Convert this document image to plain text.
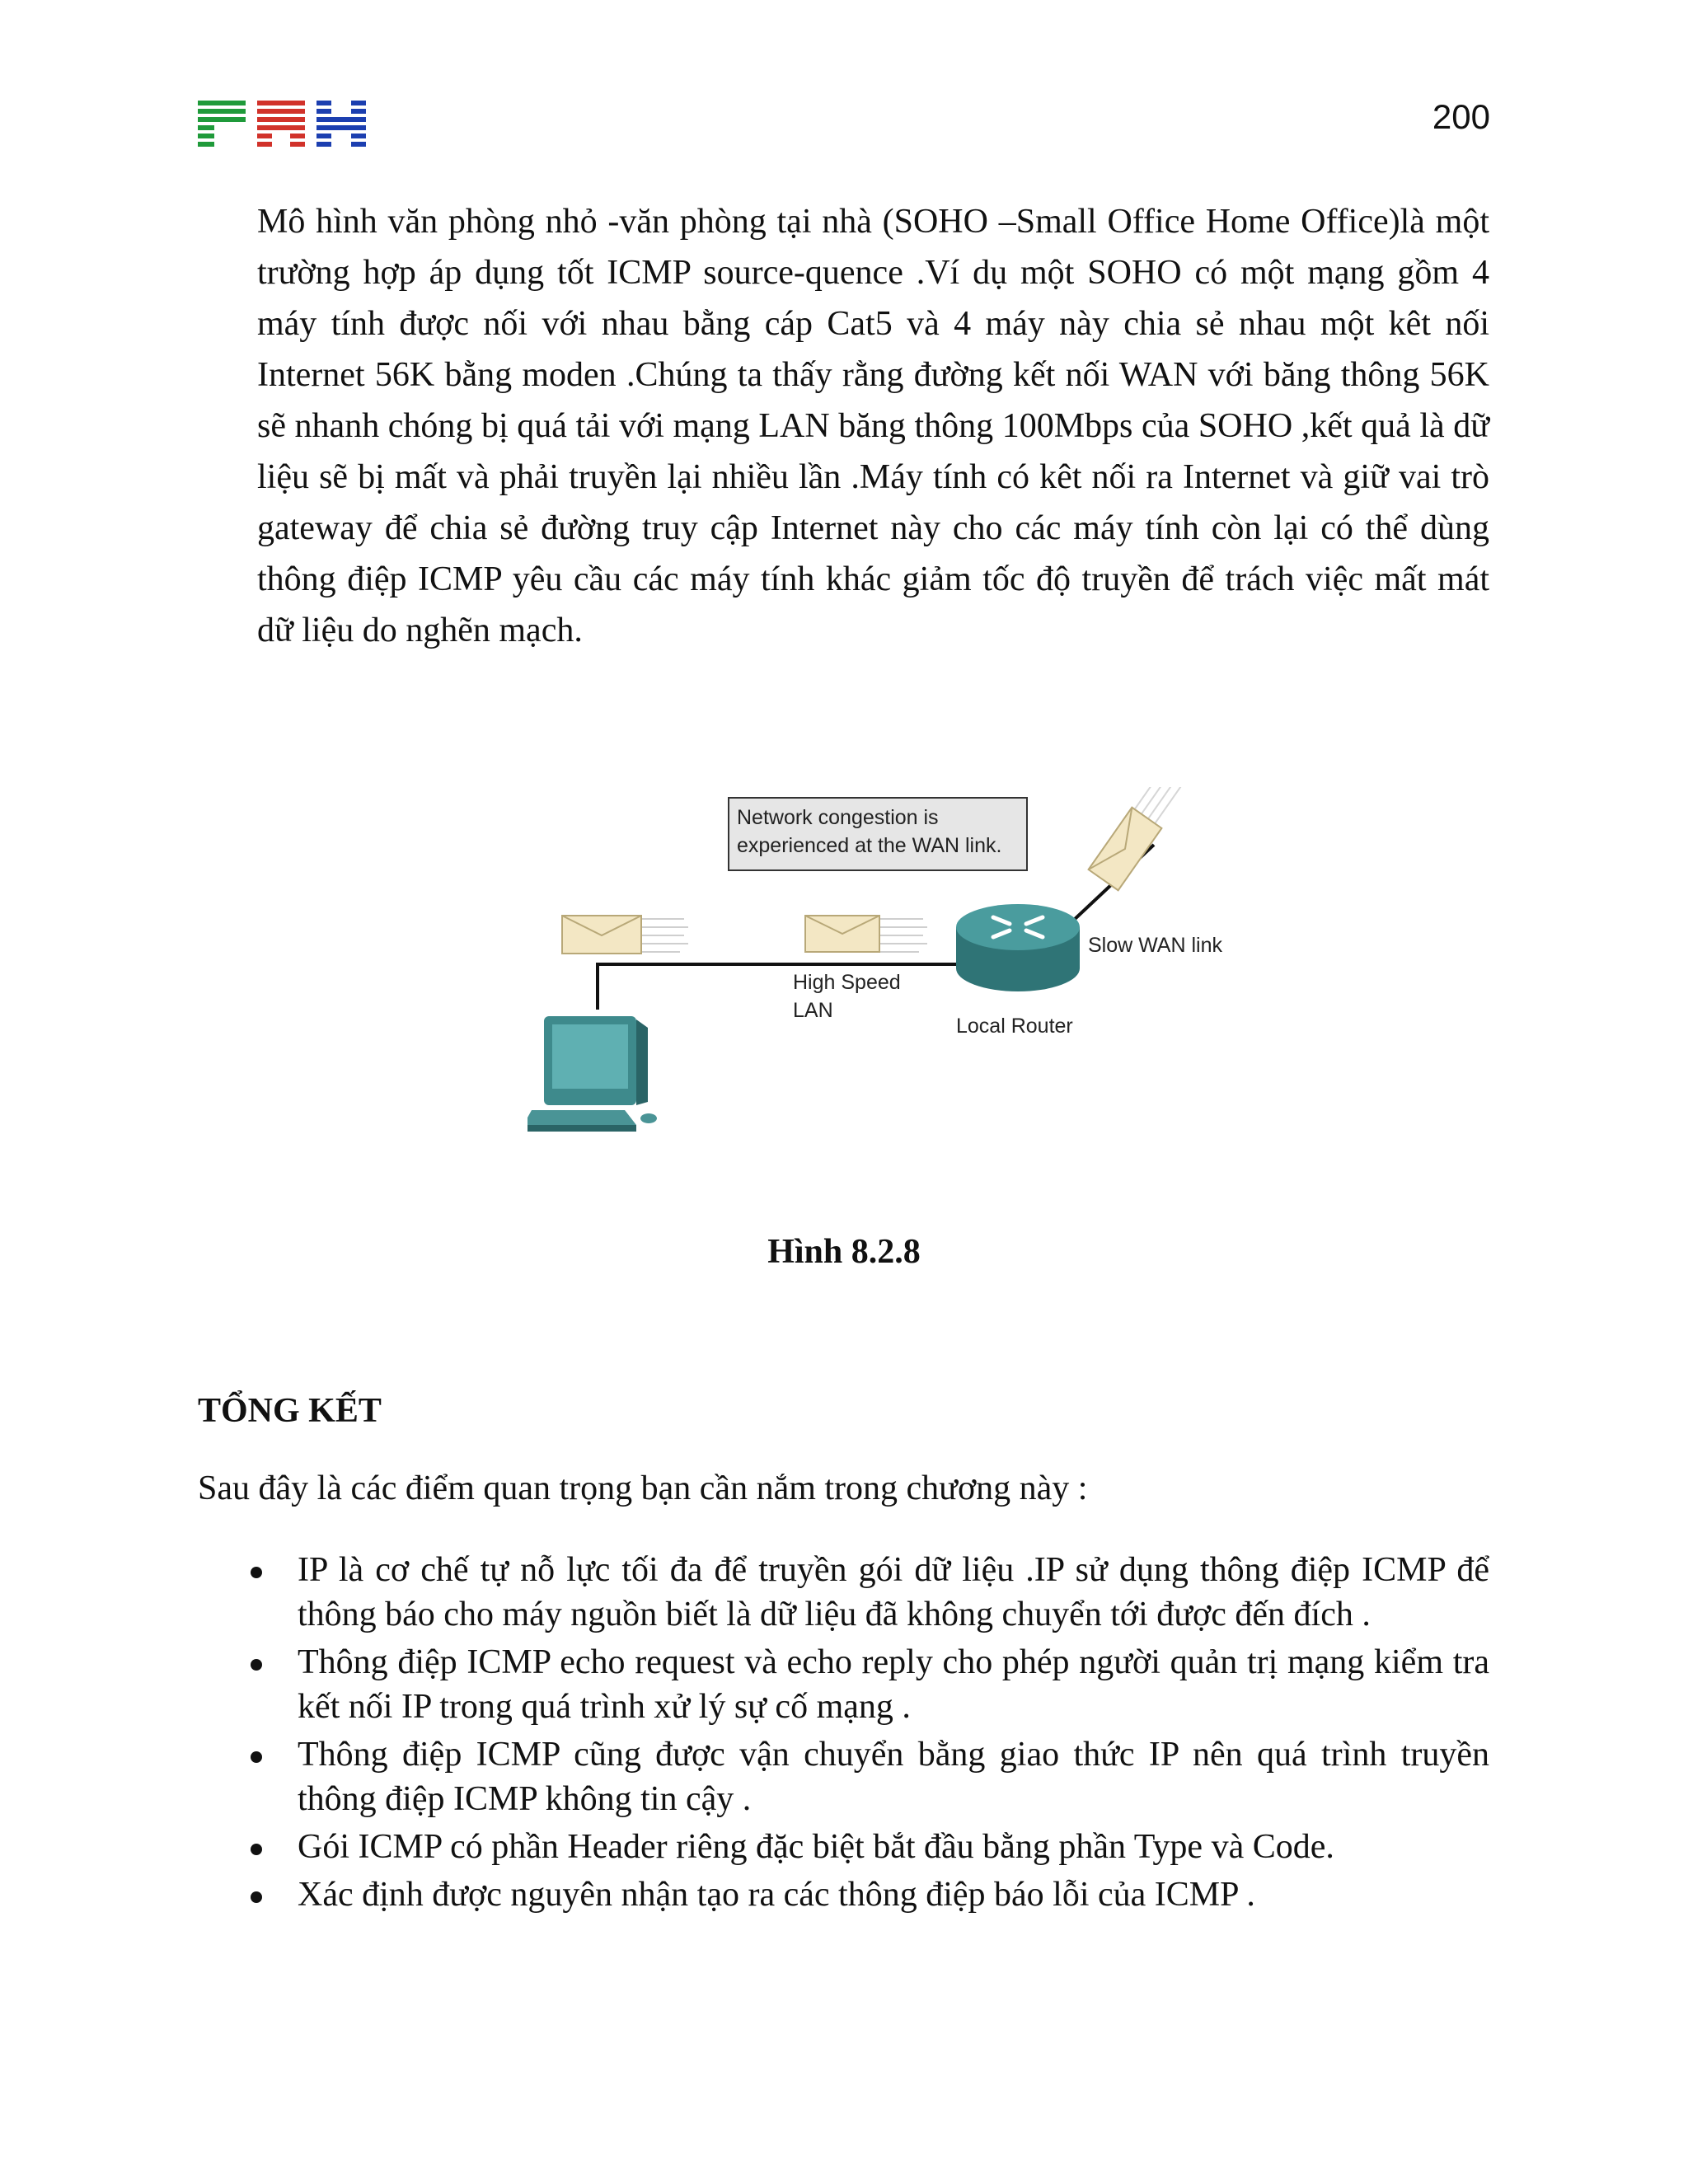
200

Mô hình văn phòng nhỏ -văn phòng tại nhà (SOHO –Small Office Home Office)là một trường hợp áp dụng tốt ICMP source-quence .Ví dụ một SOHO có một mạng gồm 4 máy tính được nối với nhau bằng cáp Cat5 và 4 máy này chia sẻ nhau một kêt nối Internet 56K bằng moden .Chúng ta thấy rằng đường kết nối WAN với băng thông 56K sẽ nhanh chóng bị quá tải với mạng LAN băng thông 100Mbps của SOHO ,kết quả là dữ liệu sẽ bị mất và phải truyền lại nhiều lần .Máy tính có kêt nối ra Internet và giữ vai trò gateway để chia sẻ đường truy cập Internet này cho các máy tính còn lại có thể dùng thông điệp ICMP yêu cầu các máy tính khác giảm tốc độ truyền để trách việc mất mát dữ liệu do nghẽn mạch.

Network congestion is
experienced at the WAN link.
High Speed
LAN
Local Router
Slow WAN link

Hình 8.2.8

TỔNG KẾT

Sau đây là các điểm quan trọng bạn cần nắm trong chương này :

IP là cơ chế tự nỗ lực tối đa để truyền gói dữ liệu .IP sử dụng thông điệp ICMP để thông báo cho máy nguồn biết là dữ liệu đã không chuyển tới được đến đích .
Thông điệp ICMP echo request và echo reply cho phép người quản trị mạng kiểm tra kết nối IP trong quá trình xử lý sự cố mạng .
Thông điệp ICMP cũng được vận chuyển bằng giao thức IP nên quá trình truyền thông điệp ICMP không tin cậy .
Gói ICMP có phần Header riêng đặc biệt bắt đầu bằng phần Type và Code.
Xác định được nguyên nhận tạo ra các thông điệp báo lỗi của ICMP .
